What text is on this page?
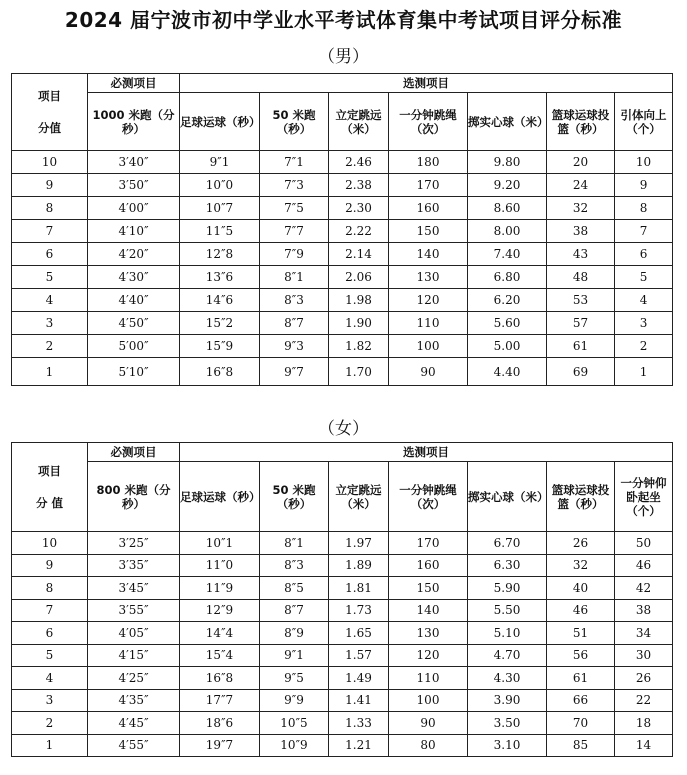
2024 届宁波市初中学业水平考试体育集中考试项目评分标准
（男）
项目
分值	必测项目	选测项目						
	1000 米跑（分秒）	足球运球（秒）	50 米跑（秒）	立定跳远（米）	一分钟跳绳（次）	掷实心球（米）	篮球运球投篮（秒）	引体向上（个）
10	3′40″	9″1	7″1	2.46	180	9.80	20	10
9	3′50″	10″0	7″3	2.38	170	9.20	24	9
8	4′00″	10″7	7″5	2.30	160	8.60	32	8
7	4′10″	11″5	7″7	2.22	150	8.00	38	7
6	4′20″	12″8	7″9	2.14	140	7.40	43	6
5	4′30″	13″6	8″1	2.06	130	6.80	48	5
4	4′40″	14″6	8″3	1.98	120	6.20	53	4
3	4′50″	15″2	8″7	1.90	110	5.60	57	3
2	5′00″	15″9	9″3	1.82	100	5.00	61	2
1	5′10″	16″8	9″7	1.70	90	4.40	69	1
（女）
项目
分 值	必测项目	选测项目						
	800 米跑（分秒）	足球运球（秒）	50 米跑（秒）	立定跳远（米）	一分钟跳绳（次）	掷实心球（米）	篮球运球投篮（秒）	一分钟仰卧起坐（个）
10	3′25″	10″1	8″1	1.97	170	6.70	26	50
9	3′35″	11″0	8″3	1.89	160	6.30	32	46
8	3′45″	11″9	8″5	1.81	150	5.90	40	42
7	3′55″	12″9	8″7	1.73	140	5.50	46	38
6	4′05″	14″4	8″9	1.65	130	5.10	51	34
5	4′15″	15″4	9″1	1.57	120	4.70	56	30
4	4′25″	16″8	9″5	1.49	110	4.30	61	26
3	4′35″	17″7	9″9	1.41	100	3.90	66	22
2	4′45″	18″6	10″5	1.33	90	3.50	70	18
1	4′55″	19″7	10″9	1.21	80	3.10	85	14
